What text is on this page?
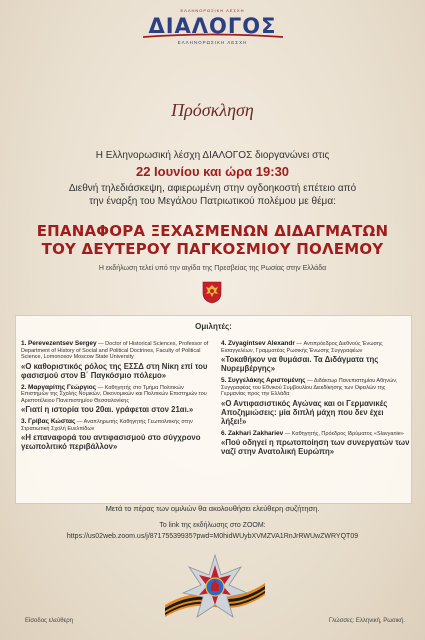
ΕΛΛΗΝΟΡΩΣΙΚΗ ΛΕΣΧΗ
ΔΙΑΛΟΓΟΣ
ΕΛΛΗΝΟΡΩΣΙΚΗ ΛΕΣΧΗ
Πρόσκληση
Η Ελληνορωσική λέσχη ΔΙΑΛΟΓΟΣ διοργανώνει στις
22 Ιουνίου και ώρα 19:30
Διεθνή τηλεδιάσκεψη, αφιερωμένη στην ογδοηκοστή επέτειο από
την έναρξη του Μεγάλου Πατριωτικού πολέμου με θέμα:
ΕΠΑΝΑΦΟΡΑ ΞΕΧΑΣΜΕΝΩΝ ΔΙΔΑΓΜΑΤΩΝ
ΤΟΥ ΔΕΥΤΕΡΟΥ ΠΑΓΚΟΣΜΙΟΥ ΠΟΛΕΜΟΥ
Η εκδήλωση τελεί υπό την αιγίδα της Πρεσβείας της Ρωσίας στην Ελλάδα
Ομιλητές:
1. Perevezentsev Sergey — Doctor of Historical Sciences, Professor of Department of History of Social and Political Doctrines, Faculty of Political Science, Lomonosov Moscow State University
«Ο καθοριστικός ρόλος της ΕΣΣΔ στη Νίκη επί του φασισμού στον Β΄ Παγκόσμιο πόλεμο»
2. Μαργαρίτης Γεώργιος — Καθηγητής στο Τμήμα Πολιτικών Επιστημών της Σχολής Νομικών, Οικονομικών και Πολιτικών Επιστημών του Αριστοτέλειου Πανεπιστημίου Θεσσαλονίκης
«Γιατί η ιστορία του 20αι. γράφεται στον 21αι.»
3. Γρίβας Κώστας — Αναπληρωτής Καθηγητής Γεωπολιτικής στην Στρατιωτική Σχολή Ευελπίδων
«Η επαναφορά του αντιφασισμού στο σύγχρονο γεωπολιτικό περιβάλλον»
4. Zvyagintsev Alexandr — Αντιπρόεδρος Διεθνούς Ένωσης Εισαγγελέων, Γραμματέας Ρωσικής Ένωσης Συγγραφέων
«Τοκαθήκον να θυμάσαι. Τα Διδάγματα της Νυρεμβέργης»
5. Συγγελάκης Αριστομένης — Διδάκτωρ Πανεπιστημίου Αθηνών, Συγγραφέας του Εθνικού Συμβουλίου Διεκδίκησης των Οφειλών της Γερμανίας προς την Ελλάδα
«Ο Αντιφασιστικός Αγώνας και οι Γερμανικές Αποζημιώσεις: μία διπλή μάχη που δεν έχει λήξει!»
6. Zakhari Zakhariev — Καθηγητής, Πρόεδρος Ιδρύματος «Slavyanie»
«Πού οδηγεί η πρωτοποίηση των συνεργατών των ναζί στην Ανατολική Ευρώπη»
Μετά το πέρας των ομιλιών θα ακολουθήσει ελεύθερη συζήτηση.
Το link της εκδήλωσης στο ZOOM:
https://us02web.zoom.us/j/87175539935?pwd=M0hidWUybXVMZVA1RnJrRWUwZWRYQT09
Είσοδος ελεύθερη	Γλώσσες: Ελληνική, Ρωσική.
